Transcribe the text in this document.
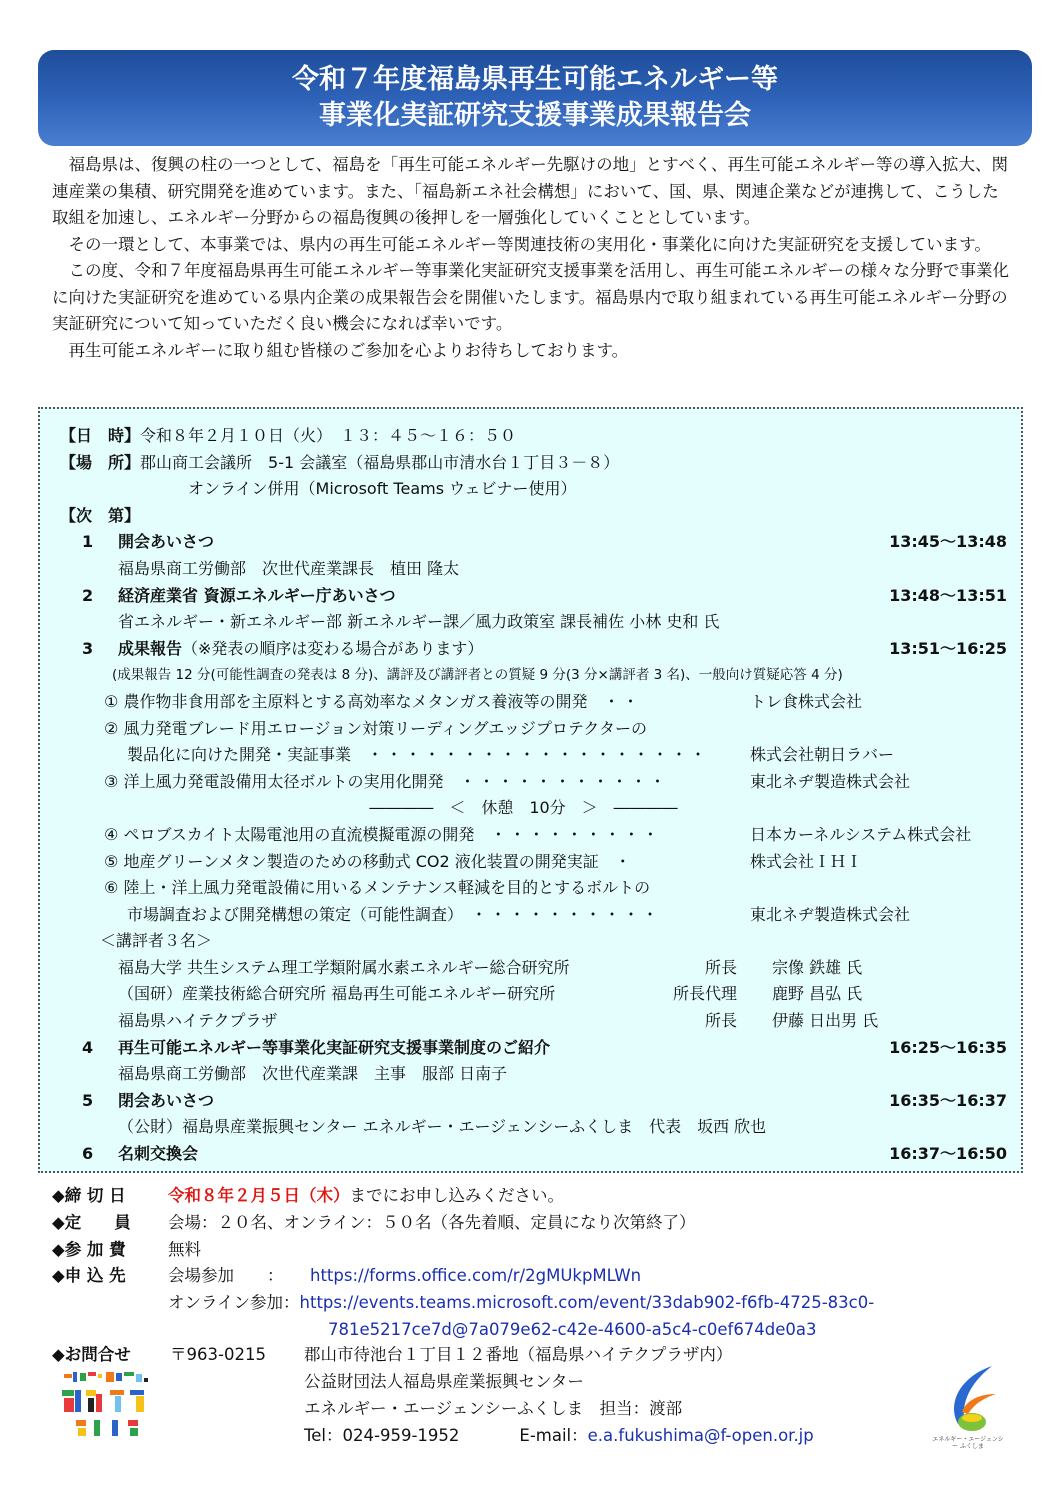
令和７年度福島県再生可能エネルギー等
事業化実証研究支援事業成果報告会

福島県は、復興の柱の一つとして、福島を「再生可能エネルギー先駆けの地」とすべく、再生可能エネルギー等の導入拡大、関連産業の集積、研究開発を進めています。また、「福島新エネ社会構想」において、国、県、関連企業などが連携して、こうした取組を加速し、エネルギー分野からの福島復興の後押しを一層強化していくこととしています。

その一環として、本事業では、県内の再生可能エネルギー等関連技術の実用化・事業化に向けた実証研究を支援しています。

この度、令和７年度福島県再生可能エネルギー等事業化実証研究支援事業を活用し、再生可能エネルギーの様々な分野で事業化に向けた実証研究を進めている県内企業の成果報告会を開催いたします。福島県内で取り組まれている再生可能エネルギー分野の実証研究について知っていただく良い機会になれば幸いです。

再生可能エネルギーに取り組む皆様のご参加を心よりお待ちしております。

【日　時】令和８年２月１０日（火）　１３：４５～１６：５０
【場　所】郡山商工会議所　5-1 会議室（福島県郡山市清水台１丁目３－８）
オンライン併用（Microsoft Teams ウェビナー使用）
【次　第】
1 開会あいさつ	13:45～13:48
福島県商工労働部　次世代産業課長　植田 隆太
2 経済産業省 資源エネルギー庁あいさつ	13:48～13:51
省エネルギー・新エネルギー部 新エネルギー課／風力政策室 課長補佐 小林 史和 氏
3 成果報告（※発表の順序は変わる場合があります）	13:51～16:25
(成果報告 12 分(可能性調査の発表は 8 分)、講評及び講評者との質疑 9 分(3 分×講評者 3 名)、一般向け質疑応答 4 分)
① 農作物非食用部を主原料とする高効率なメタンガス養液等の開発　 ・・	トレ食株式会社
② 風力発電ブレード用エロージョン対策リーディングエッジプロテクターの
製品化に向けた開発・実証事業　 ・・・・・・・・・・・・・・・・・・	株式会社朝日ラバー
③ 洋上風力発電設備用太径ボルトの実用化開発　 ・・・・・・・・・・・	東北ネヂ製造株式会社
――――　＜　休憩　10分　＞　――――
④ ペロブスカイト太陽電池用の直流模擬電源の開発　 ・・・・・・・・・	日本カーネルシステム株式会社
⑤ 地産グリーンメタン製造のための移動式 CO2 液化装置の開発実証　 ・	株式会社ＩＨＩ
⑥ 陸上・洋上風力発電設備に用いるメンテナンス軽減を目的とするボルトの
市場調査および開発構想の策定（可能性調査）　 ・・・・・・・・・・	東北ネヂ製造株式会社
＜講評者３名＞
福島大学 共生システム理工学類附属水素エネルギー総合研究所	所長 宗像 鉄雄 氏
（国研）産業技術総合研究所 福島再生可能エネルギー研究所	所長代理 鹿野 昌弘 氏
福島県ハイテクプラザ	所長 伊藤 日出男 氏
4 再生可能エネルギー等事業化実証研究支援事業制度のご紹介	16:25～16:35
福島県商工労働部　次世代産業課　主事　服部 日南子
5 閉会あいさつ	16:35～16:37
（公財）福島県産業振興センター エネルギー・エージェンシーふくしま　代表　坂西 欣也
6 名刺交換会	16:37～16:50
◆締 切 日	令和８年２月５日（木）までにお申し込みください。
◆定　　員 会場：２０名、オンライン：５０名（各先着順、定員になり次第終了）
◆参 加 費	無料
◆申 込 先	会場参加　　： https://forms.office.com/r/2gMUkpMLWn
オンライン参加：https://events.teams.microsoft.com/event/33dab902-f6fb-4725-83c0-
781e5217ce7d@7a079e62-c42e-4600-a5c4-c0ef674de0a3
◆お問合せ 〒963-0215 郡山市待池台１丁目１２番地（福島県ハイテクプラザ内）
公益財団法人福島県産業振興センター
エネルギー・エージェンシーふくしま　担当：渡部
Tel：024-959-1952	E-mail：e.a.fukushima@f-open.or.jp	エネルギー・エージェンシー ふくしま
